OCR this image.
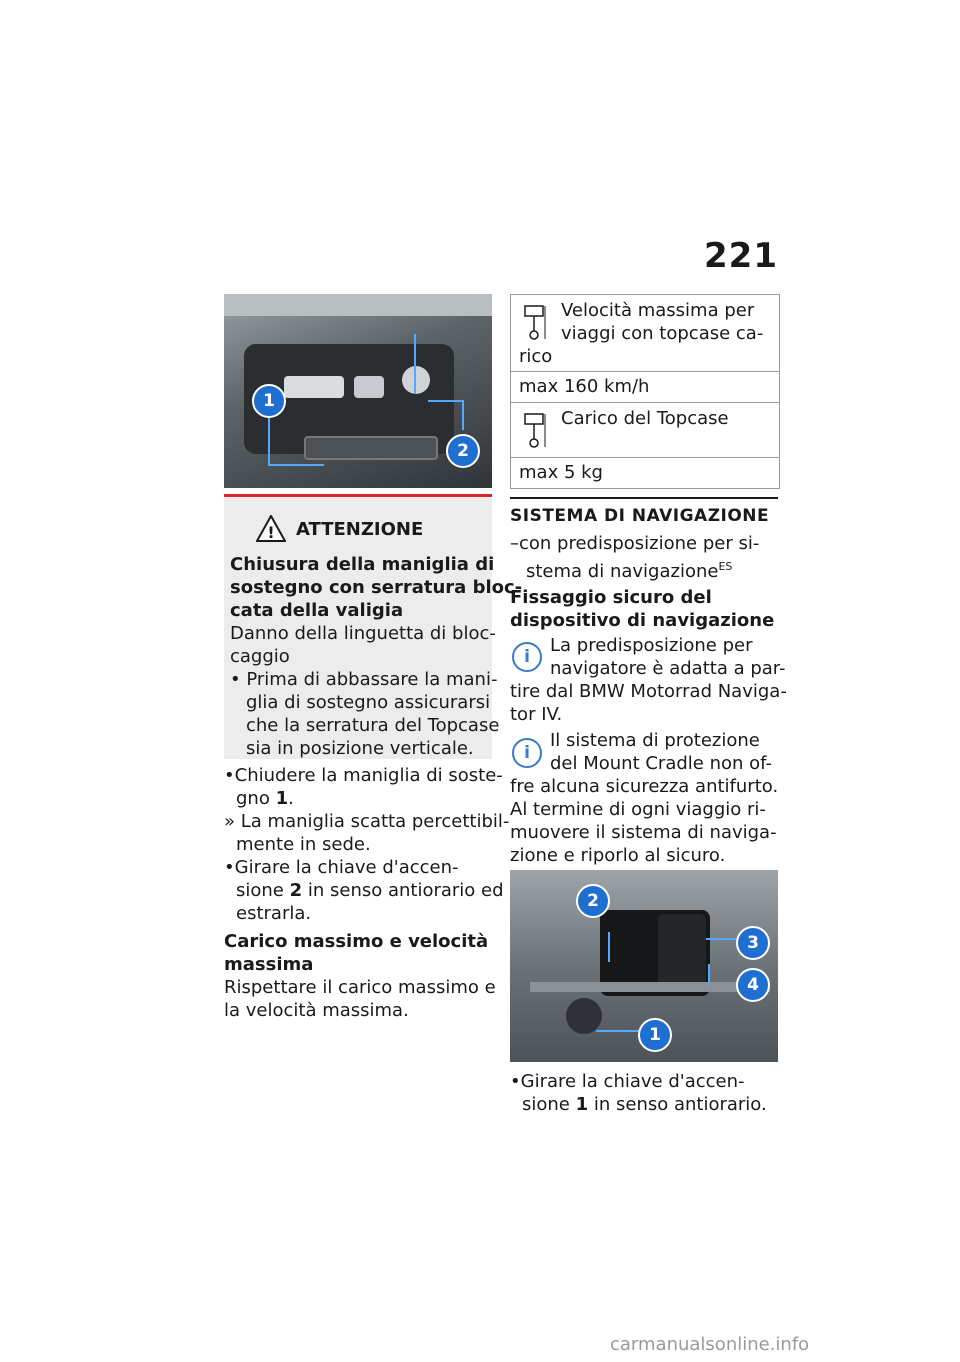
221
1
2
! ATTENZIONE
Chiusura della maniglia di
sostegno con serratura bloc-
cata della valigia
Danno della linguetta di bloc-
caggio
• Prima di abbassare la mani-
glia di sostegno assicurarsi
che la serratura del Topcase
sia in posizione verticale.
•Chiudere la maniglia di soste-
gno 1.
» La maniglia scatta percettibil-
mente in sede.
•Girare la chiave d'accen-
sione 2 in senso antiorario ed
estrarla.
Carico massimo e velocità
massima
Rispettare il carico massimo e
la velocità massima.
Velocità massima per
viaggi con topcase ca-
rico
max 160 km/h
Carico del Topcase
max 5 kg
SISTEMA DI NAVIGAZIONE
–con predisposizione per si-
stema di navigazione$^{ES}$
Fissaggio sicuro del
dispositivo di navigazione
i
La predisposizione per
navigatore è adatta a par-
tire dal BMW Motorrad Naviga-
tor IV.
i
Il sistema di protezione
del Mount Cradle non of-
fre alcuna sicurezza antifurto.
Al termine di ogni viaggio ri-
muovere il sistema di naviga-
zione e riporlo al sicuro.
2
3
4
1
•Girare la chiave d'accen-
sione 1 in senso antiorario.
carmanualsonline.info
